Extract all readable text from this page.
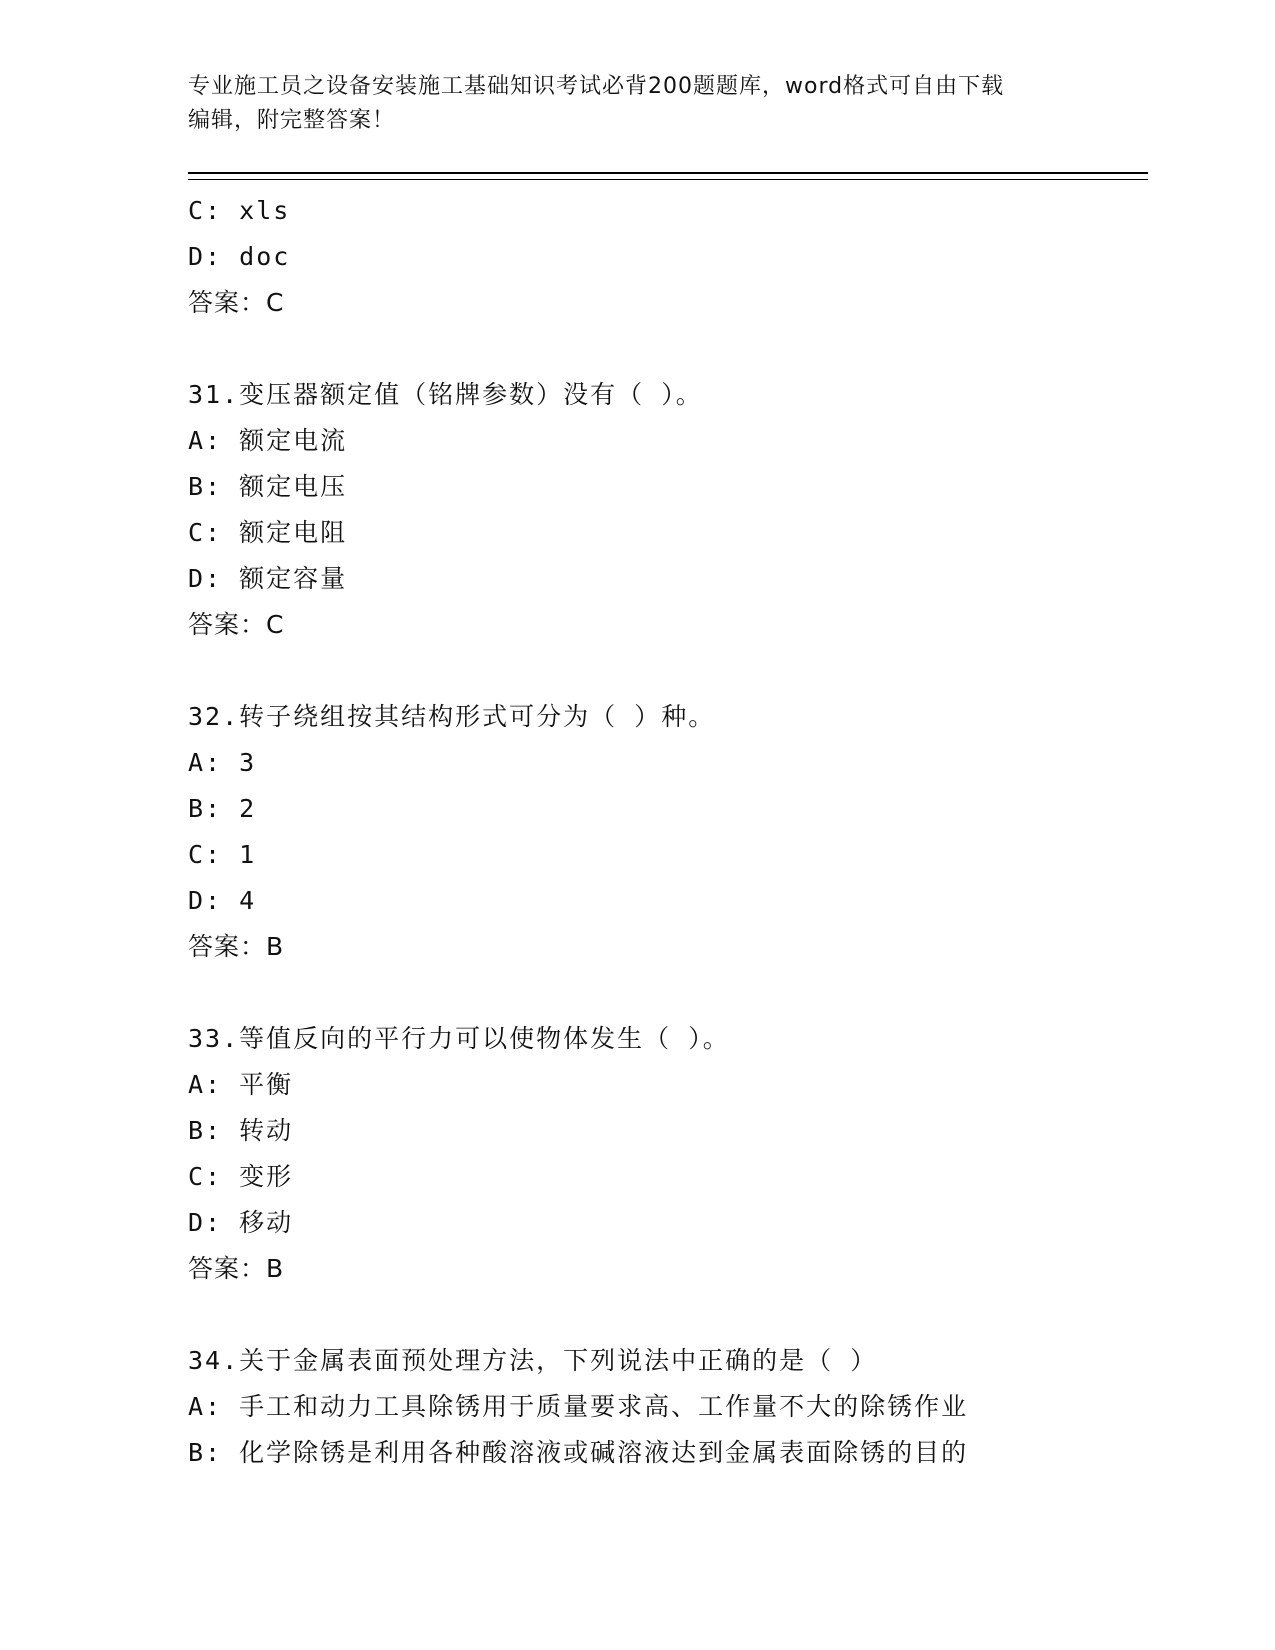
专业施工员之设备安装施工基础知识考试必背200题题库，word格式可自由下载
编辑，附完整答案！
C: xls
D: doc
答案：C
31.变压器额定值（铭牌参数）没有（ ）。
A: 额定电流
B: 额定电压
C: 额定电阻
D: 额定容量
答案：C
32.转子绕组按其结构形式可分为（ ）种。
A: 3
B: 2
C: 1
D: 4
答案：B
33.等值反向的平行力可以使物体发生（ ）。
A: 平衡
B: 转动
C: 变形
D: 移动
答案：B
34.关于金属表面预处理方法，下列说法中正确的是（ ）
A: 手工和动力工具除锈用于质量要求高、工作量不大的除锈作业
B: 化学除锈是利用各种酸溶液或碱溶液达到金属表面除锈的目的
